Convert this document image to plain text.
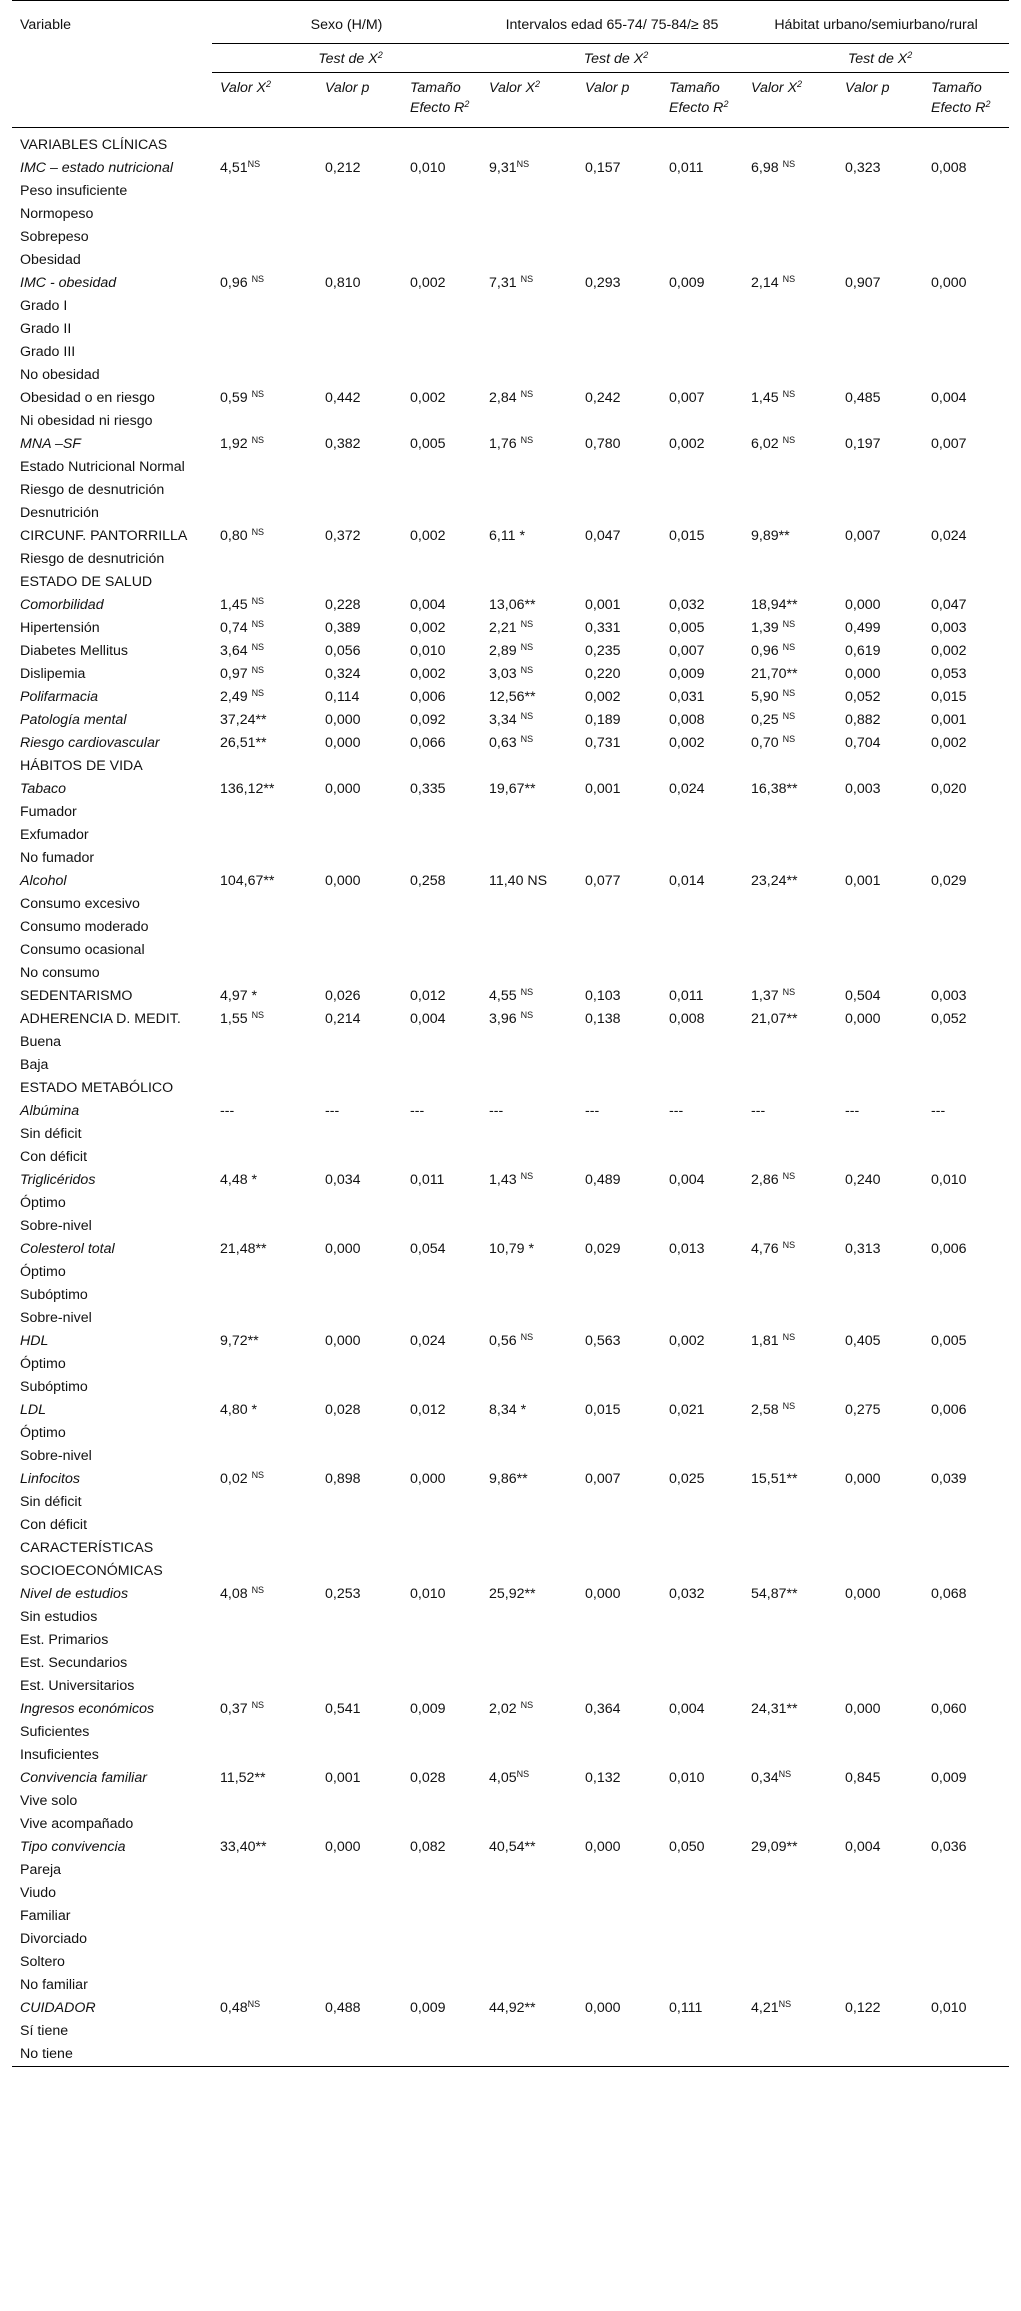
Variable	Sexo (H/M)			Intervalos edad 65-74/ 75-84/≥ 85			Hábitat urbano/semiurbano/rural		
	Test de $X^2$			Test de $X^2$			Test de $X^2$
	Valor $X^2$	Valor p	Tamaño Efecto $R^2$	Valor $X^2$	Valor p	Tamaño Efecto $R^2$	Valor $X^2$	Valor p	Tamaño Efecto $R^2$

VARIABLES CLÍNICAS									
IMC – estado nutricional	$4,51^{NS}$	0,212	0,010	$9,31^{NS}$	0,157	0,011	6,98 $^{NS}$	0,323	0,008
Peso insuficiente									
Normopeso									
Sobrepeso									
Obesidad									
IMC - obesidad	0,96 $^{NS}$	0,810	0,002	7,31 $^{NS}$	0,293	0,009	2,14 $^{NS}$	0,907	0,000
Grado I									
Grado II									
Grado III									
No obesidad									
Obesidad o en riesgo	0,59 $^{NS}$	0,442	0,002	2,84 $^{NS}$	0,242	0,007	1,45 $^{NS}$	0,485	0,004
Ni obesidad ni riesgo									
MNA –SF	1,92 $^{NS}$	0,382	0,005	1,76 $^{NS}$	0,780	0,002	6,02 $^{NS}$	0,197	0,007
Estado Nutricional Normal									
Riesgo de desnutrición									
Desnutrición									
CIRCUNF. PANTORRILLA	0,80 $^{NS}$	0,372	0,002	6,11 *	0,047	0,015	9,89**	0,007	0,024
Riesgo de desnutrición									
ESTADO DE SALUD									
Comorbilidad	1,45 $^{NS}$	0,228	0,004	13,06**	0,001	0,032	18,94**	0,000	0,047
Hipertensión	0,74 $^{NS}$	0,389	0,002	2,21 $^{NS}$	0,331	0,005	1,39 $^{NS}$	0,499	0,003
Diabetes Mellitus	3,64 $^{NS}$	0,056	0,010	2,89 $^{NS}$	0,235	0,007	0,96 $^{NS}$	0,619	0,002
Dislipemia	0,97 $^{NS}$	0,324	0,002	3,03 $^{NS}$	0,220	0,009	21,70**	0,000	0,053
Polifarmacia	2,49 $^{NS}$	0,114	0,006	12,56**	0,002	0,031	5,90 $^{NS}$	0,052	0,015
Patología mental	37,24**	0,000	0,092	3,34 $^{NS}$	0,189	0,008	0,25 $^{NS}$	0,882	0,001
Riesgo cardiovascular	26,51**	0,000	0,066	0,63 $^{NS}$	0,731	0,002	0,70 $^{NS}$	0,704	0,002
HÁBITOS DE VIDA									
Tabaco	136,12**	0,000	0,335	19,67**	0,001	0,024	16,38**	0,003	0,020
Fumador									
Exfumador									
No fumador									
Alcohol	104,67**	0,000	0,258	11,40 NS	0,077	0,014	23,24**	0,001	0,029
Consumo excesivo									
Consumo moderado									
Consumo ocasional									
No consumo									
SEDENTARISMO	4,97 *	0,026	0,012	4,55 $^{NS}$	0,103	0,011	1,37 $^{NS}$	0,504	0,003
ADHERENCIA D. MEDIT.	1,55 $^{NS}$	0,214	0,004	3,96 $^{NS}$	0,138	0,008	21,07**	0,000	0,052
Buena									
Baja									
ESTADO METABÓLICO									
Albúmina	---	---	---	---	---	---	---	---	---
Sin déficit									
Con déficit									
Triglicéridos	4,48 *	0,034	0,011	1,43 $^{NS}$	0,489	0,004	2,86 $^{NS}$	0,240	0,010
Óptimo									
Sobre-nivel									
Colesterol total	21,48**	0,000	0,054	10,79 *	0,029	0,013	4,76 $^{NS}$	0,313	0,006
Óptimo									
Subóptimo									
Sobre-nivel									
HDL	9,72**	0,000	0,024	0,56 $^{NS}$	0,563	0,002	1,81 $^{NS}$	0,405	0,005
Óptimo									
Subóptimo									
LDL	4,80 *	0,028	0,012	8,34 *	0,015	0,021	2,58 $^{NS}$	0,275	0,006
Óptimo									
Sobre-nivel									
Linfocitos	0,02 $^{NS}$	0,898	0,000	9,86**	0,007	0,025	15,51**	0,000	0,039
Sin déficit									
Con déficit									
CARACTERÍSTICAS SOCIOECONÓMICAS									
Nivel de estudios	4,08 $^{NS}$	0,253	0,010	25,92**	0,000	0,032	54,87**	0,000	0,068
Sin estudios									
Est. Primarios									
Est. Secundarios									
Est. Universitarios									
Ingresos económicos	0,37 $^{NS}$	0,541	0,009	2,02 $^{NS}$	0,364	0,004	24,31**	0,000	0,060
Suficientes									
Insuficientes									
Convivencia familiar	11,52**	0,001	0,028	$4,05^{NS}$	0,132	0,010	$0,34^{NS}$	0,845	0,009
Vive solo									
Vive acompañado									
Tipo convivencia	33,40**	0,000	0,082	40,54**	0,000	0,050	29,09**	0,004	0,036
Pareja									
Viudo									
Familiar									
Divorciado									
Soltero									
No familiar									
CUIDADOR	$0,48^{NS}$	0,488	0,009	44,92**	0,000	0,111	$4,21^{NS}$	0,122	0,010
Sí tiene									
No tiene									
